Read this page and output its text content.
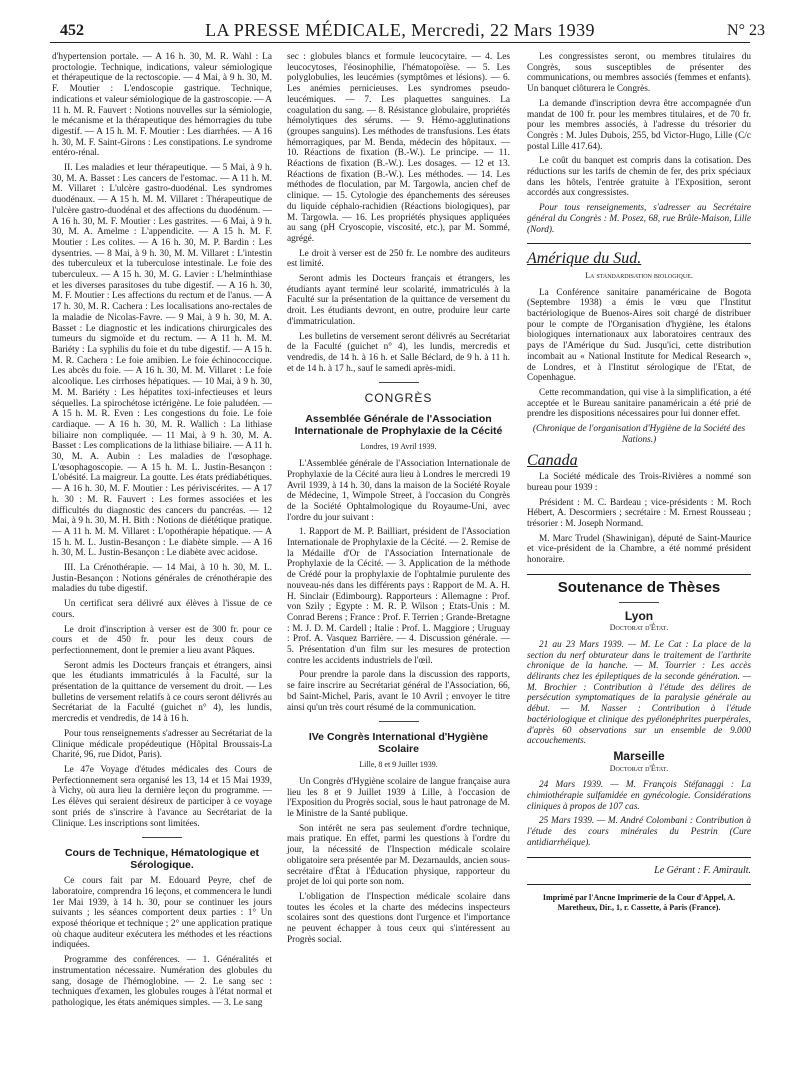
452	LA PRESSE MÉDICALE, Mercredi, 22 Mars 1939	N° 23

d'hypertension portale. — A 16 h. 30, M. R. Wahl : La proctologie. Technique, indications, valeur sémiologique et thérapeutique de la rectoscopie. — 4 Mai, à 9 h. 30, M. F. Moutier : L'endoscopie gastrique. Technique, indications et valeur sémiologique de la gastroscopie. — A 11 h. M. R. Fauvert : Notions nouvelles sur la sémiologie, le mécanisme et la thérapeutique des hémorragies du tube digestif. — A 15 h. M. F. Moutier : Les diarrhées. — A 16 h. 30, M. F. Saint-Girons : Les constipations. Le syndrome entéro-rénal.

II. Les maladies et leur thérapeutique. — 5 Mai, à 9 h. 30, M. A. Basset : Les cancers de l'estomac. — A 11 h. M. M. Villaret : L'ulcère gastro-duodénal. Les syndromes duodénaux. — A 15 h. M. M. Villaret : Thérapeutique de l'ulcère gastro-duodénal et des affections du duodénum. — A 16 h. 30, M. F. Moutier : Les gastrites. — 6 Mai, à 9 h. 30, M. A. Amelme : L'appendicite. — A 15 h. M. F. Moutier : Les colites. — A 16 h. 30, M. P. Bardin : Les dysentries. — 8 Mai, à 9 h. 30, M. M. Villaret : L'intestin des tuberculeux et la tuberculose intestinale. Le foie des tuberculeux. — A 15 h. 30, M. G. Lavier : L'helminthiase et les diverses parasitoses du tube digestif. — A 16 h. 30, M. F. Moutier : Les affections du rectum et de l'anus. — A 17 h. 30, M. R. Cachera : Les localisations ano-rectales de la maladie de Nicolas-Favre. — 9 Mai, à 9 h. 30, M. A. Basset : Le diagnostic et les indications chirurgicales des tumeurs du sigmoïde et du rectum. — A 11 h. M. M. Bariéty : La syphilis du foie et du tube digestif. — A 15 h. M. R. Cachera : Le foie amibien. Le foie échinococcique. Les abcès du foie. — A 16 h. 30, M. M. Villaret : Le foie alcoolique. Les cirrhoses hépatiques. — 10 Mai, à 9 h. 30, M. M. Bariéty : Les hépatites toxi-infectieuses et leurs séquelles. La spirochétose ictérigène. Le foie paludéen. — A 15 h. M. R. Even : Les congestions du foie. Le foie cardiaque. — A 16 h. 30, M. R. Wallich : La lithiase biliaire non compliquée. — 11 Mai, à 9 h. 30, M. A. Basset : Les complications de la lithiase biliaire. — A 11 h. 30, M. A. Aubin : Les maladies de l'œsophage. L'œsophagoscopie. — A 15 h. M. L. Justin-Besançon : L'obésité. La maigreur. La goutte. Les états prédiabétiques. — A 16 h. 30, M. F. Moutier : Les périviscérites. — A 17 h. 30 : M. R. Fauvert : Les formes associées et les difficultés du diagnostic des cancers du pancréas. — 12 Mai, à 9 h. 30, M. H. Bith : Notions de diététique pratique. — A 11 h. M. M. Villaret : L'opothérapie hépatique. — A 15 h. M. L. Justin-Besançon : Le diabète simple. — A 16 h. 30, M. L. Justin-Besançon : Le diabète avec acidose.

III. La Crénothérapie. — 14 Mai, à 10 h. 30, M. L. Justin-Besançon : Notions générales de crénothérapie des maladies du tube digestif.

Un certificat sera délivré aux élèves à l'issue de ce cours.

Le droit d'inscription à verser est de 300 fr. pour ce cours et de 450 fr. pour les deux cours de perfectionnement, dont le premier a lieu avant Pâques.

Seront admis les Docteurs français et étrangers, ainsi que les étudiants immatriculés à la Faculté, sur la présentation de la quittance de versement du droit. — Les bulletins de versement relatifs à ce cours seront délivrés au Secrétariat de la Faculté (guichet n° 4), les lundis, mercredis et vendredis, de 14 à 16 h.

Pour tous renseignements s'adresser au Secrétariat de la Clinique médicale propédeutique (Hôpital Broussais-La Charité, 96, rue Didot, Paris).

Le 47e Voyage d'études médicales des Cours de Perfectionnement sera organisé les 13, 14 et 15 Mai 1939, à Vichy, où aura lieu la dernière leçon du programme. — Les élèves qui seraient désireux de participer à ce voyage sont priés de s'inscrire à l'avance au Secrétariat de la Clinique. Les inscriptions sont limitées.

Cours de Technique, Hématologique et Sérologique.

Ce cours fait par M. Edouard Peyre, chef de laboratoire, comprendra 16 leçons, et commencera le lundi 1er Mai 1939, à 14 h. 30, pour se continuer les jours suivants ; les séances comportent deux parties : 1° Un exposé théorique et technique ; 2° une application pratique où chaque auditeur exécutera les méthodes et les réactions indiquées.

Programme des conférences. — 1. Généralités et instrumentation nécessaire. Numération des globules du sang, dosage de l'hémoglobine. — 2. Le sang sec : techniques d'examen, les globules rouges à l'état normal et pathologique, les états anémiques simples. — 3. Le sang

sec : globules blancs et formule leucocytaire. — 4. Les leucocytoses, l'éosinophilie, l'hématopoïèse. — 5. Les polyglobulies, les leucémies (symptômes et lésions). — 6. Les anémies pernicieuses. Les syndromes pseudo-leucémiques. — 7. Les plaquettes sanguines. La coagulation du sang. — 8. Résistance globulaire, propriétés hémolytiques des sérums. — 9. Hémo-agglutinations (groupes sanguins). Les méthodes de transfusions. Les états hémorragiques, par M. Benda, médecin des hôpitaux. — 10. Réactions de fixation (B.-W.). Le principe. — 11. Réactions de fixation (B.-W.). Les dosages. — 12 et 13. Réactions de fixation (B.-W.). Les méthodes. — 14. Les méthodes de floculation, par M. Targowla, ancien chef de clinique. — 15. Cytologie des épanchements des séreuses du liquide céphalo-rachidien (Réactions biologiques), par M. Targowla. — 16. Les propriétés physiques appliquées au sang (pH Cryoscopie, viscosité, etc.), par M. Sommé, agrégé.

Le droit à verser est de 250 fr. Le nombre des auditeurs est limité.

Seront admis les Docteurs français et étrangers, les étudiants ayant terminé leur scolarité, immatriculés à la Faculté sur la présentation de la quittance de versement du droit. Les étudiants devront, en outre, produire leur carte d'immatriculation.

Les bulletins de versement seront délivrés au Secrétariat de la Faculté (guichet n° 4), les lundis, mercredis et vendredis, de 14 h. à 16 h. et Salle Béclard, de 9 h. à 11 h. et de 14 h. à 17 h., sauf le samedi après-midi.

CONGRÈS
Assemblée Générale de l'Association Internationale de Prophylaxie de la Cécité
Londres, 19 Avril 1939.

L'Assemblée générale de l'Association Internationale de Prophylaxie de la Cécité aura lieu à Londres le mercredi 19 Avril 1939, à 14 h. 30, dans la maison de la Société Royale de Médecine, 1, Wimpole Street, à l'occasion du Congrès de la Société Ophtalmologique du Royaume-Uni, avec l'ordre du jour suivant :

1. Rapport de M. P. Bailliart, président de l'Association Internationale de Prophylaxie de la Cécité. — 2. Remise de la Médaille d'Or de l'Association Internationale de Prophylaxie de la Cécité. — 3. Application de la méthode de Crédé pour la prophylaxie de l'ophtalmie purulente des nouveau-nés dans les différents pays : Rapport de M. A. H. H. Sinclair (Edimbourg). Rapporteurs : Allemagne : Prof. von Szily ; Egypte : M. R. P. Wilson ; Etats-Unis : M. Conrad Berens ; France : Prof. F. Terrien ; Grande-Bretagne : M. J. D. M. Cardell ; Italie : Prof. L. Maggiore ; Uruguay : Prof. A. Vasquez Barrière. — 4. Discussion générale. — 5. Présentation d'un film sur les mesures de protection contre les accidents industriels de l'œil.

Pour prendre la parole dans la discussion des rapports, se faire inscrire au Secrétariat général de l'Association, 66, bd Saint-Michel, Paris, avant le 10 Avril ; envoyer le titre ainsi qu'un très court résumé de la communication.

IVe Congrès International d'Hygiène Scolaire
Lille, 8 et 9 Juillet 1939.

Un Congrès d'Hygiène scolaire de langue française aura lieu les 8 et 9 Juillet 1939 à Lille, à l'occasion de l'Exposition du Progrès social, sous le haut patronage de M. le Ministre de la Santé publique.

Son intérêt ne sera pas seulement d'ordre technique, mais pratique. En effet, parmi les questions à l'ordre du jour, la nécessité de l'Inspection médicale scolaire obligatoire sera présentée par M. Dezarnaulds, ancien sous-secrétaire d'État à l'Éducation physique, rapporteur du projet de loi qui porte son nom.

L'obligation de l'Inspection médicale scolaire dans toutes les écoles et la charte des médecins inspecteurs scolaires sont des questions dont l'urgence et l'importance ne peuvent échapper à tous ceux qui s'intéressent au Progrès social.

Les congressistes seront, ou membres titulaires du Congrès, sous susceptibles de présenter des communications, ou membres associés (femmes et enfants). Un banquet clôturera le Congrès.

La demande d'inscription devra être accompagnée d'un mandat de 100 fr. pour les membres titulaires, et de 70 fr. pour les membres associés, à l'adresse du trésorier du Congrès : M. Jules Dubois, 255, bd Victor-Hugo, Lille (C/c postal Lille 417.64).

Le coût du banquet est compris dans la cotisation. Des réductions sur les tarifs de chemin de fer, des prix spéciaux dans les hôtels, l'entrée gratuite à l'Exposition, seront accordés aux congressistes.

Pour tous renseignements, s'adresser au Secrétaire général du Congrès : M. Posez, 68, rue Brûle-Maison, Lille (Nord).

Amérique du Sud.
La standardisation biologique.

La Conférence sanitaire panaméricaine de Bogota (Septembre 1938) a émis le vœu que l'Institut bactériologique de Buenos-Aires soit chargé de distribuer pour le compte de l'Organisation d'hygiène, les étalons biologiques internationaux aux laboratoires centraux des pays de l'Amérique du Sud. Jusqu'ici, cette distribution incombait au « National Institute for Medical Research », de Londres, et à l'Institut sérologique de l'Etat, de Copenhague.

Cette recommandation, qui vise à la simplification, a été acceptée et le Bureau sanitaire panaméricain a été prié de prendre les dispositions nécessaires pour lui donner effet.

(Chronique de l'organisation d'Hygiène de la Société des Nations.)

Canada

La Société médicale des Trois-Rivières a nommé son bureau pour 1939 :

Président : M. C. Bardeau ; vice-présidents : M. Roch Hébert, A. Descormiers ; secrétaire : M. Ernest Rousseau ; trésorier : M. Joseph Normand.

M. Marc Trudel (Shawinigan), député de Saint-Maurice et vice-président de la Chambre, a été nommé président honoraire.

Soutenance de Thèses
Lyon
Doctorat d'État.

21 au 23 Mars 1939. — M. Le Cat : La place de la section du nerf obturateur dans le traitement de l'arthrite chronique de la hanche. — M. Tourrier : Les accès délirants chez les épileptiques de la seconde génération. — M. Brochier : Contribution à l'étude des délires de persécution symptomatiques de la paralysie générale au début. — M. Nasser : Contribution à l'étude bactériologique et clinique des pyélonéphrites puerpérales, d'après 60 observations sur un ensemble de 9.000 accouchements.

Marseille
Doctorat d'État.

24 Mars 1939. — M. François Stéfanaggi : La chimiothérapie sulfamidée en gynécologie. Considérations cliniques à propos de 107 cas.

25 Mars 1939. — M. André Colombani : Contribution à l'étude des cours minérales du Pestrin (Cure antidiarrhéique).

Le Gérant : F. Amirault.
Imprimé par l'Ancne Imprimerie de la Cour d'Appel, A. Maretheux, Dir., 1, r. Cassette, à Paris (France).
